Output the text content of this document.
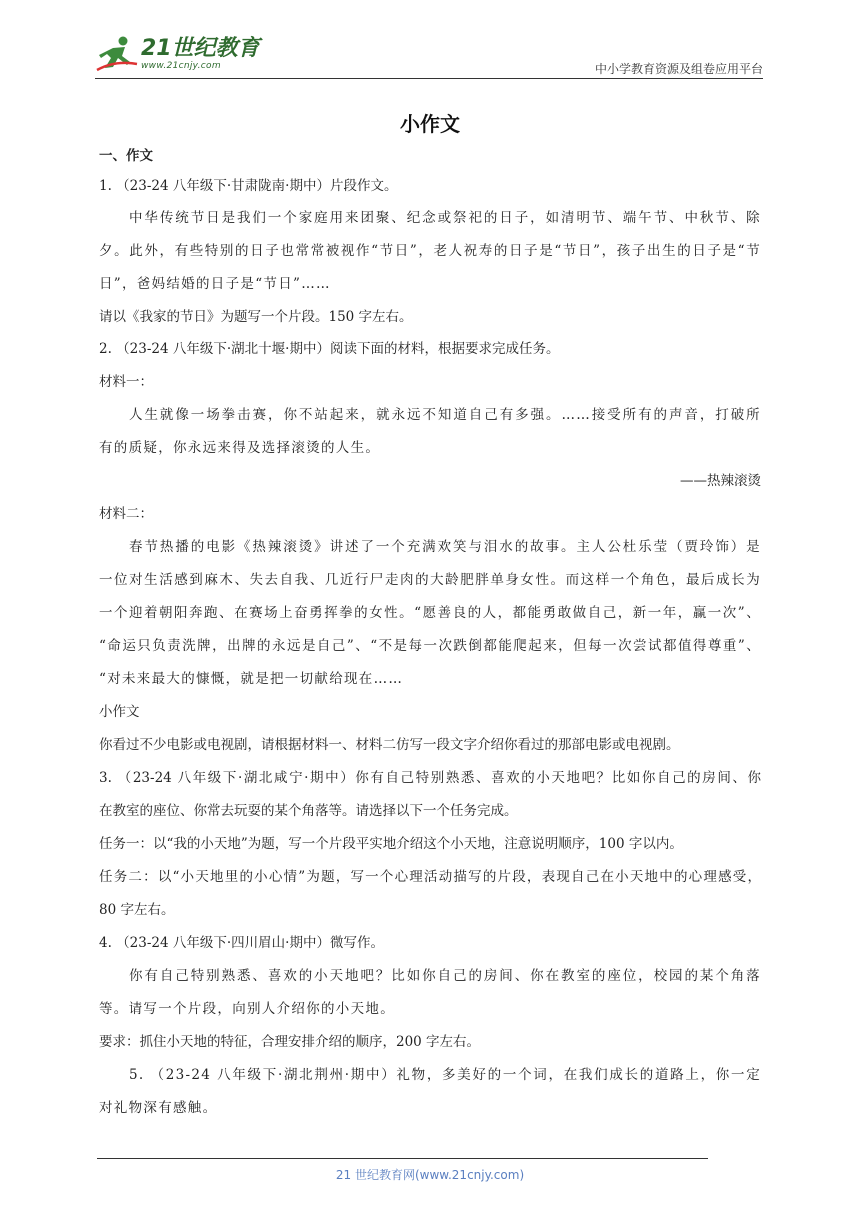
21世纪教育
www.21cnjy.com	中小学教育资源及组卷应用平台
小作文
一、作文
1. （23-24 八年级下·甘肃陇南·期中）片段作文。
中华传统节日是我们一个家庭用来团聚、纪念或祭祀的日子，如清明节、端午节、中秋节、除
夕。此外，有些特别的日子也常常被视作“节日”，老人祝寿的日子是“节日”，孩子出生的日子是“节
日”，爸妈结婚的日子是“节日”……
请以《我家的节日》为题写一个片段。150 字左右。
2. （23-24 八年级下·湖北十堰·期中）阅读下面的材料，根据要求完成任务。
材料一：
人生就像一场拳击赛，你不站起来，就永远不知道自己有多强。……接受所有的声音，打破所
有的质疑，你永远来得及选择滚烫的人生。
——热辣滚烫
材料二：
春节热播的电影《热辣滚烫》讲述了一个充满欢笑与泪水的故事。主人公杜乐莹（贾玲饰）是
一位对生活感到麻木、失去自我、几近行尸走肉的大龄肥胖单身女性。而这样一个角色，最后成长为
一个迎着朝阳奔跑、在赛场上奋勇挥拳的女性。“愿善良的人，都能勇敢做自己，新一年，赢一次”、
“命运只负责洗牌，出牌的永远是自己”、“不是每一次跌倒都能爬起来，但每一次尝试都值得尊重”、
“对未来最大的慷慨，就是把一切献给现在……
小作文
你看过不少电影或电视剧，请根据材料一、材料二仿写一段文字介绍你看过的那部电影或电视剧。
3. （23-24 八年级下·湖北咸宁·期中）你有自己特别熟悉、喜欢的小天地吧？比如你自己的房间、你
在教室的座位、你常去玩耍的某个角落等。请选择以下一个任务完成。
任务一：以“我的小天地”为题，写一个片段平实地介绍这个小天地，注意说明顺序，100 字以内。
任务二：以“小天地里的小心情”为题，写一个心理活动描写的片段，表现自己在小天地中的心理感受，
80 字左右。
4. （23-24 八年级下·四川眉山·期中）微写作。
你有自己特别熟悉、喜欢的小天地吧？比如你自己的房间、你在教室的座位，校园的某个角落
等。请写一个片段，向别人介绍你的小天地。
要求：抓住小天地的特征，合理安排介绍的顺序，200 字左右。
5. （23-24 八年级下·湖北荆州·期中）礼物，多美好的一个词，在我们成长的道路上，你一定
对礼物深有感触。
21 世纪教育网(www.21cnjy.com)
